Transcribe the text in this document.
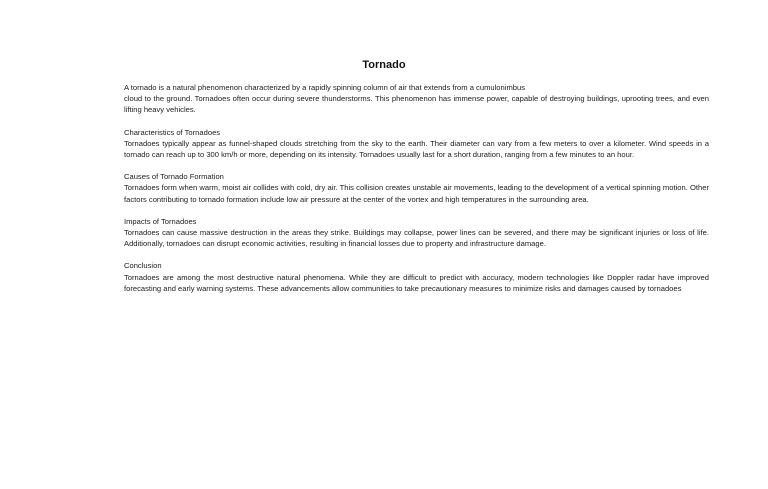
Tornado

A tornado is a natural phenomenon characterized by a rapidly spinning column of air that extends from a cumulonimbus
cloud to the ground. Tornadoes often occur during severe thunderstorms. This phenomenon has immense power, capable of destroying buildings, uprooting trees, and even lifting heavy vehicles.

Characteristics of Tornadoes

Tornadoes typically appear as funnel-shaped clouds stretching from the sky to the earth. Their diameter can vary from a few meters to over a kilometer. Wind speeds in a tornado can reach up to 300 km/h or more, depending on its intensity. Tornadoes usually last for a short duration, ranging from a few minutes to an hour.

Causes of Tornado Formation

Tornadoes form when warm, moist air collides with cold, dry air. This collision creates unstable air movements, leading to the development of a vertical spinning motion. Other factors contributing to tornado formation include low air pressure at the center of the vortex and high temperatures in the surrounding area.

Impacts of Tornadoes

Tornadoes can cause massive destruction in the areas they strike. Buildings may collapse, power lines can be severed, and there may be significant injuries or loss of life. Additionally, tornadoes can disrupt economic activities, resulting in financial losses due to property and infrastructure damage.

Conclusion

Tornadoes are among the most destructive natural phenomena. While they are difficult to predict with accuracy, modern technologies like Doppler radar have improved forecasting and early warning systems. These advancements allow communities to take precautionary measures to minimize risks and damages caused by tornadoes
